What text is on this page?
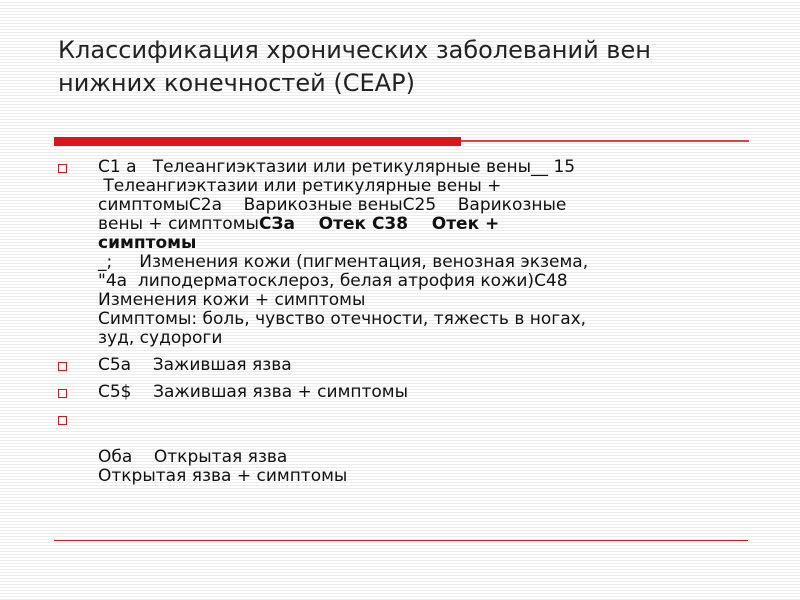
Классификация хронических заболеваний вен
нижних конечностей (CEAP)

C1 а   Телеангиэктазии или ретикулярные вены__ 15

Телеангиэктазии или ретикулярные вены +

симптомыС2а    Варикозные веныС25    Варикозные

вены + симптомыСЗа    Отек С38    Отек +

симптомы

_;     Изменения кожи (пигментация, венозная экзема,

"4а  липодерматосклероз, белая атрофия кожи)С48

Изменения кожи + симптомы

Симптомы: боль, чувство отечности, тяжесть в ногах,

зуд, судороги

C5а    Зажившая язва

С5$    Зажившая язва + симптомы

Оба    Открытая язва

Открытая язва + симптомы
